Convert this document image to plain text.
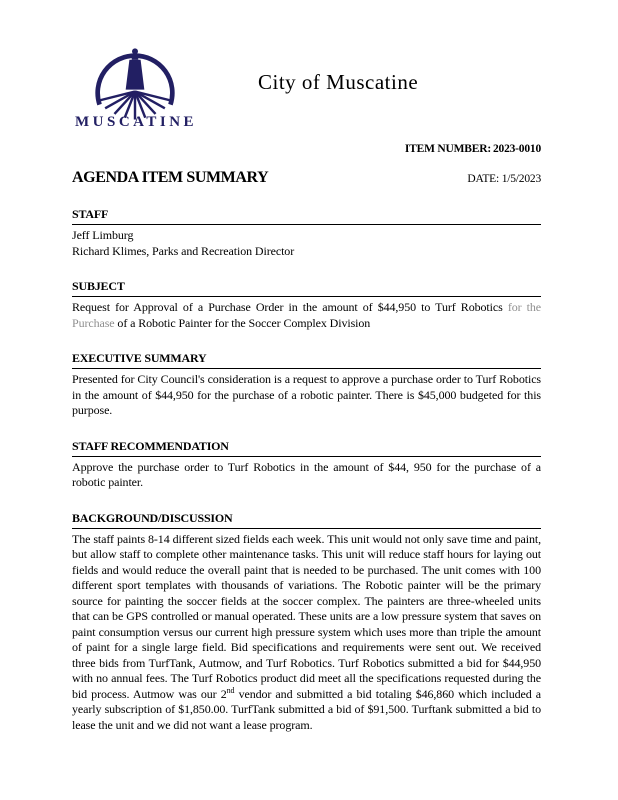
MUSCATINE
City of Muscatine
ITEM NUMBER: 2023-0010
AGENDA ITEM SUMMARY	DATE: 1/5/2023
STAFF
Jeff Limburg
Richard Klimes, Parks and Recreation Director
SUBJECT
Request for Approval of a Purchase Order in the amount of $44,950 to Turf Robotics for the Purchase of a Robotic Painter for the Soccer Complex Division
EXECUTIVE SUMMARY
Presented for City Council's consideration is a request to approve a purchase order to Turf Robotics in the amount of $44,950 for the purchase of a robotic painter. There is $45,000 budgeted for this purpose.
STAFF RECOMMENDATION
Approve the purchase order to Turf Robotics in the amount of $44, 950 for the purchase of a robotic painter.
BACKGROUND/DISCUSSION
The staff paints 8-14 different sized fields each week. This unit would not only save time and paint, but allow staff to complete other maintenance tasks. This unit will reduce staff hours for laying out fields and would reduce the overall paint that is needed to be purchased. The unit comes with 100 different sport templates with thousands of variations. The Robotic painter will be the primary source for painting the soccer fields at the soccer complex. The painters are three-wheeled units that can be GPS controlled or manual operated. These units are a low pressure system that saves on paint consumption versus our current high pressure system which uses more than triple the amount of paint for a single large field. Bid specifications and requirements were sent out. We received three bids from TurfTank, Autmow, and Turf Robotics. Turf Robotics submitted a bid for $44,950 with no annual fees. The Turf Robotics product did meet all the specifications requested during the bid process. Autmow was our 2nd vendor and submitted a bid totaling $46,860 which included a yearly subscription of $1,850.00. TurfTank submitted a bid of $91,500. Turftank submitted a bid to lease the unit and we did not want a lease program.
